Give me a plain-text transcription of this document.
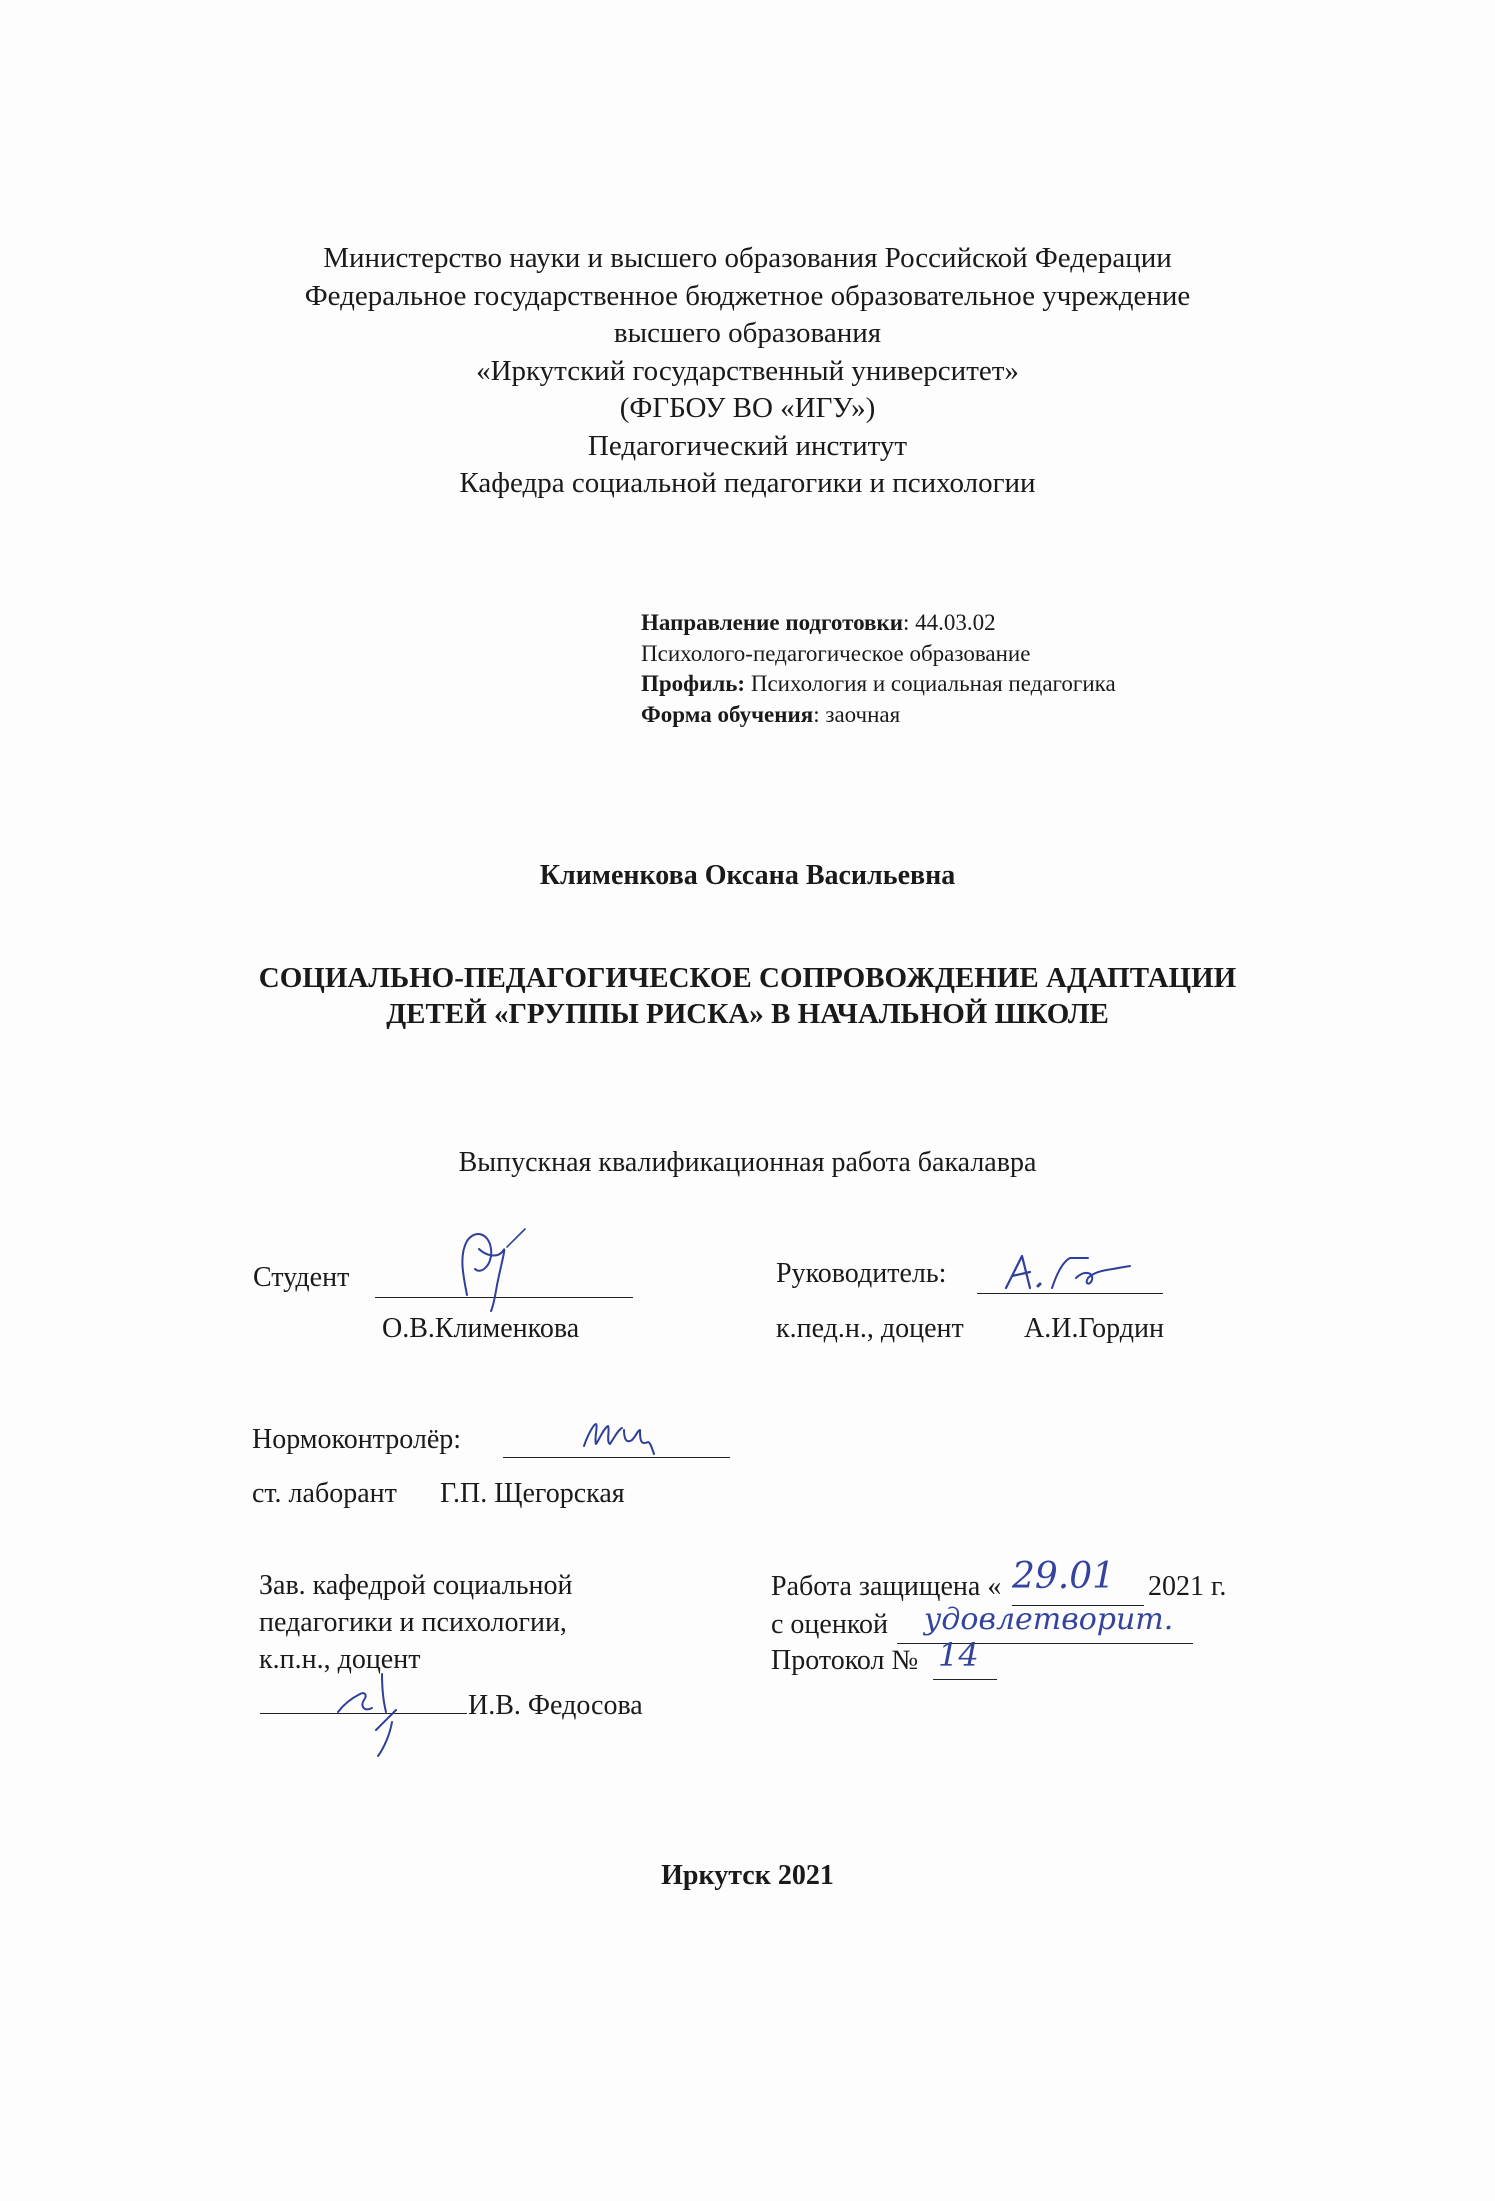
Министерство науки и высшего образования Российской Федерации
Федеральное государственное бюджетное образовательное учреждение
высшего образования
«Иркутский государственный университет»
(ФГБОУ ВО «ИГУ»)
Педагогический институт
Кафедра социальной педагогики и психологии
Направление подготовки: 44.03.02
Психолого-педагогическое образование
Профиль: Психология и социальная педагогика
Форма обучения: заочная
Клименкова Оксана Васильевна
СОЦИАЛЬНО-ПЕДАГОГИЧЕСКОЕ СОПРОВОЖДЕНИЕ АДАПТАЦИИ
ДЕТЕЙ «ГРУППЫ РИСКА» В НАЧАЛЬНОЙ ШКОЛЕ
Выпускная квалификационная работа бакалавра
Студент
О.В.Клименкова
Руководитель:
к.пед.н., доцент А.И.Гордин
Нормоконтролёр:
ст. лаборант Г.П. Щегорская
Зав. кафедрой социальной
педагогики и психологии,
к.п.н., доцент
И.В. Федосова
Работа защищена « 29.01 2021 г.
с оценкой удовлетворит.
Протокол № 14
Иркутск 2021
